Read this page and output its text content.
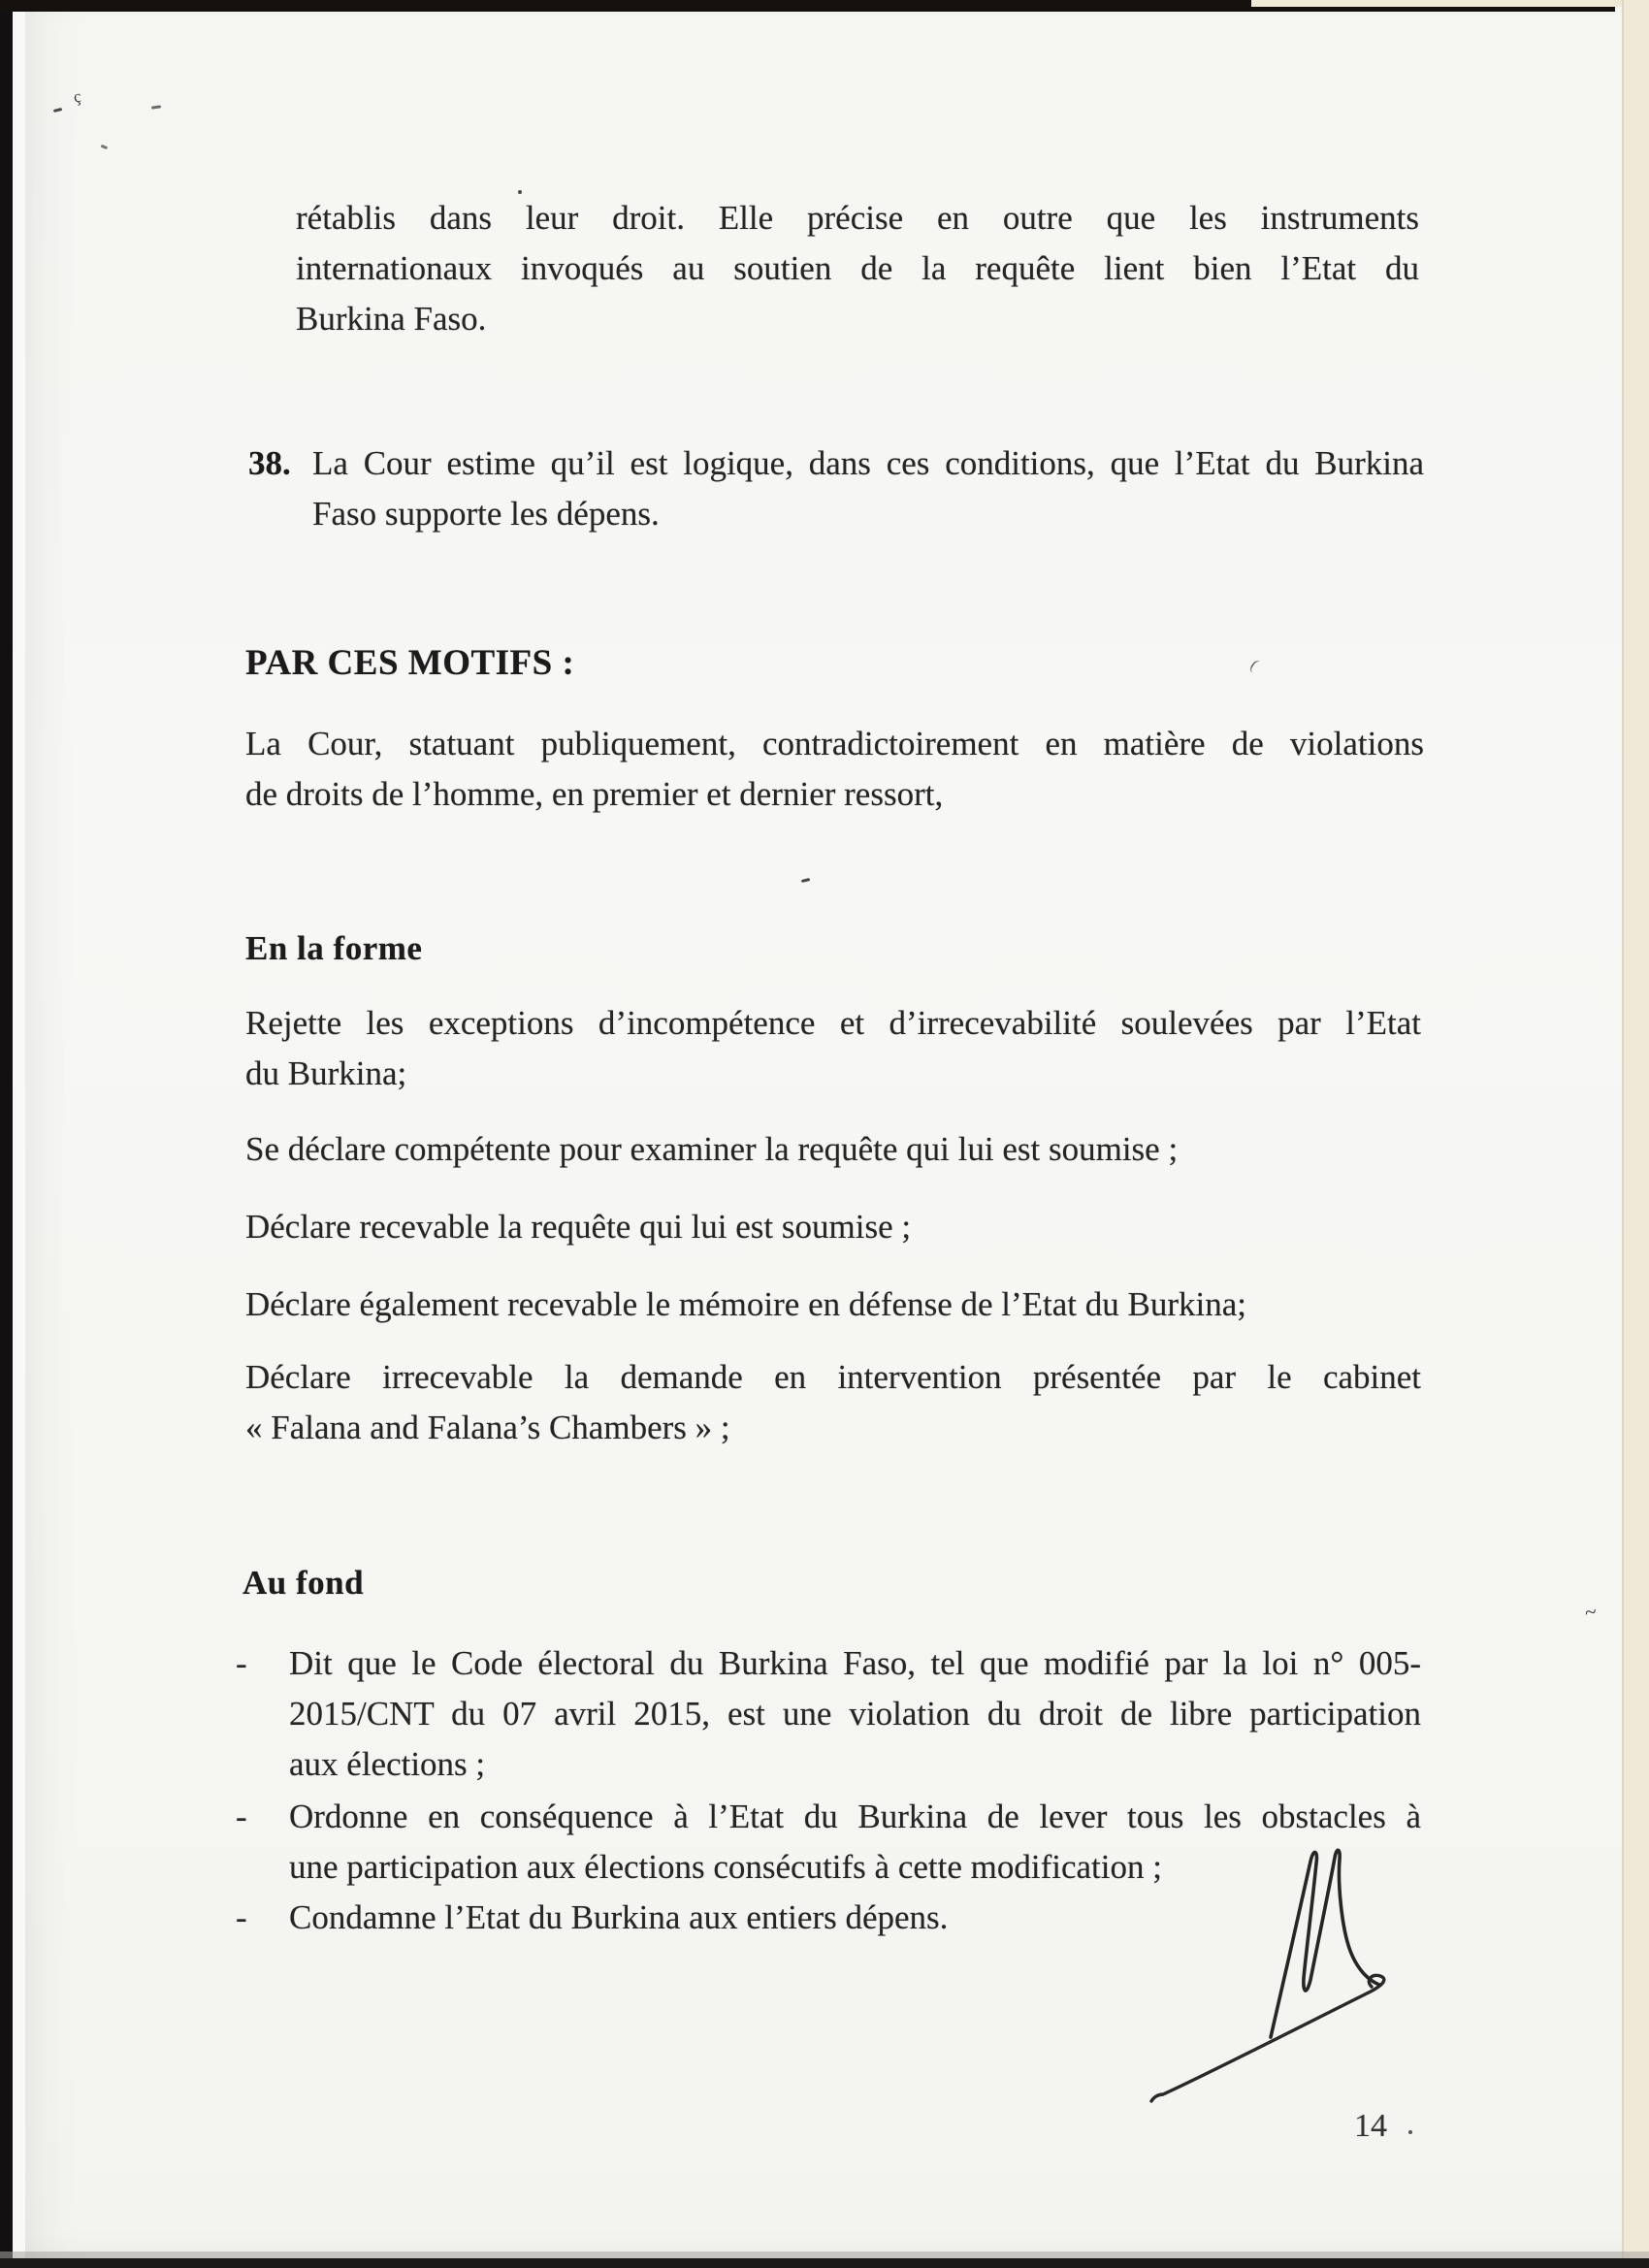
rétablis dans leur droit. Elle précise en outre que les instruments
internationaux invoqués au soutien de la requête lient bien l’Etat du
Burkina Faso.
38. La Cour estime qu’il est logique, dans ces conditions, que l’Etat du Burkina
Faso supporte les dépens.
PAR CES MOTIFS :
La Cour, statuant publiquement, contradictoirement en matière de violations
de droits de l’homme, en premier et dernier ressort,
En la forme
Rejette les exceptions d’incompétence et d’irrecevabilité soulevées par l’Etat
du Burkina;
Se déclare compétente pour examiner la requête qui lui est soumise ;
Déclare recevable la requête qui lui est soumise ;
Déclare également recevable le mémoire en défense de l’Etat du Burkina;
Déclare irrecevable la demande en intervention présentée par le cabinet
« Falana and Falana’s Chambers » ;
Au fond
- Dit que le Code électoral du Burkina Faso, tel que modifié par la loi n° 005-
2015/CNT du 07 avril 2015, est une violation du droit de libre participation
aux élections ;
- Ordonne en conséquence à l’Etat du Burkina de lever tous les obstacles à
une participation aux élections consécutifs à cette modification ;
- Condamne l’Etat du Burkina aux entiers dépens.
14
ç
(
~
